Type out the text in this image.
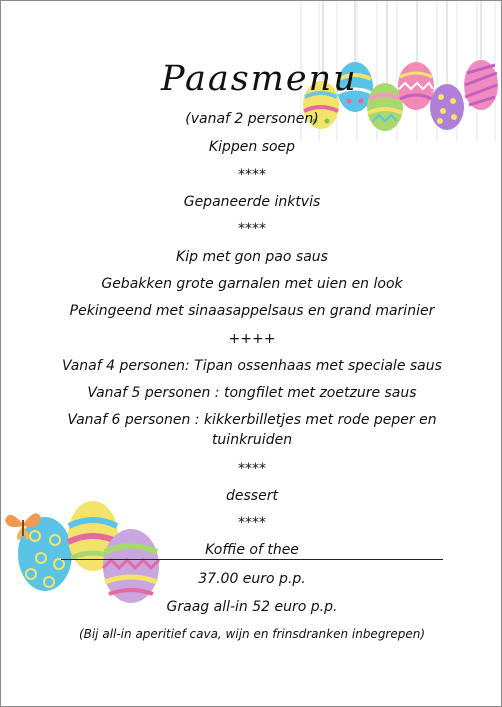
Paasmenu
(vanaf 2 personen)
Kippen soep
****
Gepaneerde inktvis
****
Kip met gon pao saus
Gebakken grote garnalen met uien en look
Pekingeend met sinaasappelsaus en grand marinier
++++
Vanaf 4 personen: Tipan ossenhaas met speciale saus
Vanaf 5 personen : tongfilet met zoetzure saus
Vanaf 6 personen : kikkerbilletjes met rode peper en
tuinkruiden
****
dessert
****
Koffie of thee
37.00 euro p.p.
Graag all-in 52 euro p.p.
(Bij all-in aperitief cava, wijn en frinsdranken inbegrepen)
